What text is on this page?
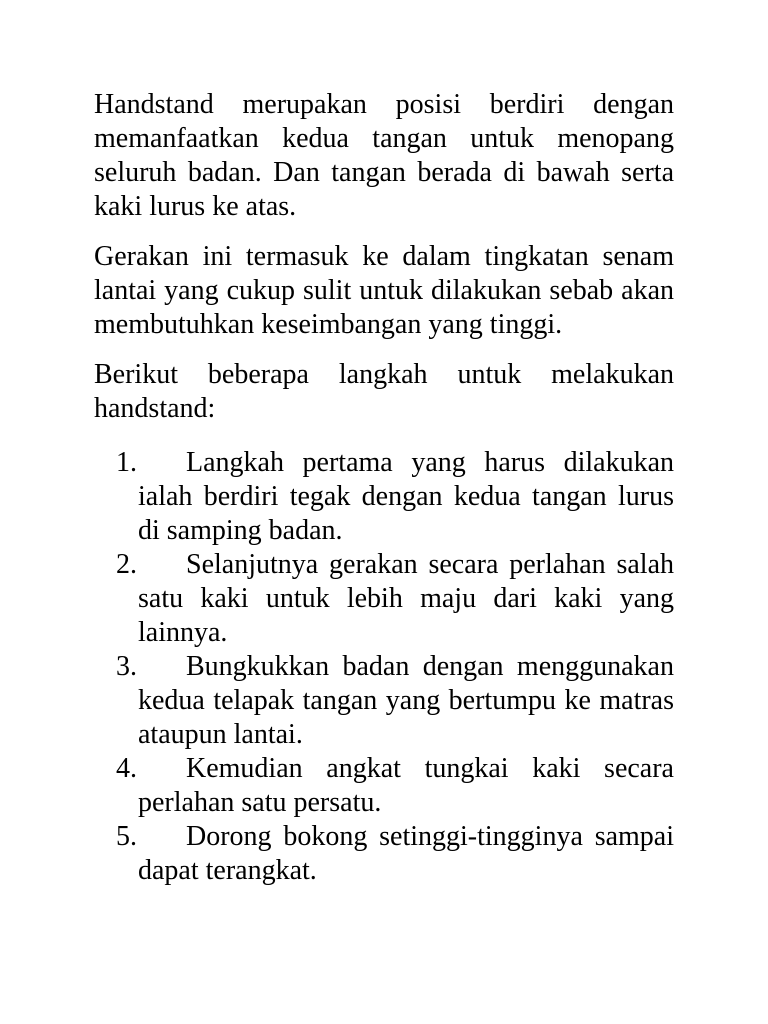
Handstand merupakan posisi berdiri dengan memanfaatkan kedua tangan untuk menopang seluruh badan. Dan tangan berada di bawah serta kaki lurus ke atas.

Gerakan ini termasuk ke dalam tingkatan senam lantai yang cukup sulit untuk dilakukan sebab akan membutuhkan keseimbangan yang tinggi.

Berikut beberapa langkah untuk melakukan handstand:

1.	Langkah pertama yang harus dilakukan ialah berdiri tegak dengan kedua tangan lurus di samping badan.
2.	Selanjutnya gerakan secara perlahan salah satu kaki untuk lebih maju dari kaki yang lainnya.
3.	Bungkukkan badan dengan menggunakan kedua telapak tangan yang bertumpu ke matras ataupun lantai.
4.	Kemudian angkat tungkai kaki secara perlahan satu persatu.
5.	Dorong bokong setinggi-tingginya sampai dapat terangkat.
